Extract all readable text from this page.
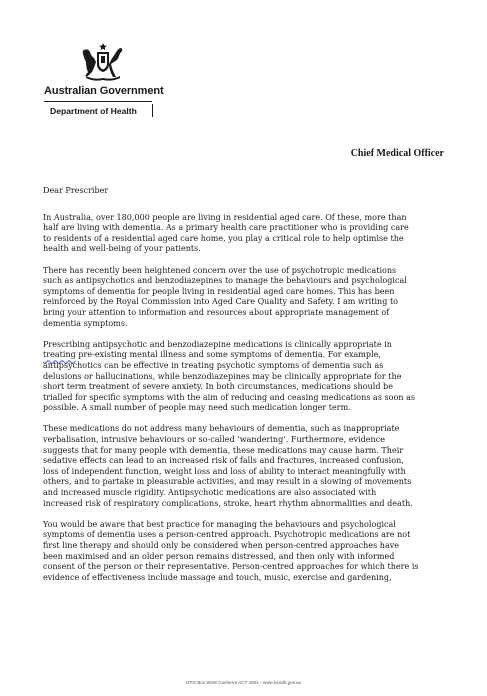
Australian Government
Department of Health
Chief Medical Officer

Dear Prescriber

In Australia, over 180,000 people are living in residential aged care. Of these, more than
half are living with dementia. As a primary health care practitioner who is providing care
to residents of a residential aged care home, you play a critical role to help optimise the
health and well-being of your patients.

There has recently been heightened concern over the use of psychotropic medications
such as antipsychotics and benzodiazepines to manage the behaviours and psychological
symptoms of dementia for people living in residential aged care homes. This has been
reinforced by the Royal Commission into Aged Care Quality and Safety. I am writing to
bring your attention to information and resources about appropriate management of
dementia symptoms.

Prescribing antipsychotic and benzodiazepine medications is clinically appropriate in
treating pre-existing mental illness and some symptoms of dementia. For example,
antipsychotics can be effective in treating psychotic symptoms of dementia such as
delusions or hallucinations, while benzodiazepines may be clinically appropriate for the
short term treatment of severe anxiety. In both circumstances, medications should be
trialled for specific symptoms with the aim of reducing and ceasing medications as soon as
possible. A small number of people may need such medication longer term.

These medications do not address many behaviours of dementia, such as inappropriate
verbalisation, intrusive behaviours or so-called ‘wandering’. Furthermore, evidence
suggests that for many people with dementia, these medications may cause harm. Their
sedative effects can lead to an increased risk of falls and fractures, increased confusion,
loss of independent function, weight loss and loss of ability to interact meaningfully with
others, and to partake in pleasurable activities, and may result in a slowing of movements
and increased muscle rigidity. Antipsychotic medications are also associated with
increased risk of respiratory complications, stroke, heart rhythm abnormalities and death.

You would be aware that best practice for managing the behaviours and psychological
symptoms of dementia uses a person-centred approach. Psychotropic medications are not
first line therapy and should only be considered when person-centred approaches have
been maximised and an older person remains distressed, and then only with informed
consent of the person or their representative. Person-centred approaches for which there is
evidence of effectiveness include massage and touch, music, exercise and gardening,

GPO Box 9848 Canberra ACT 2601 - www.health.gov.au
